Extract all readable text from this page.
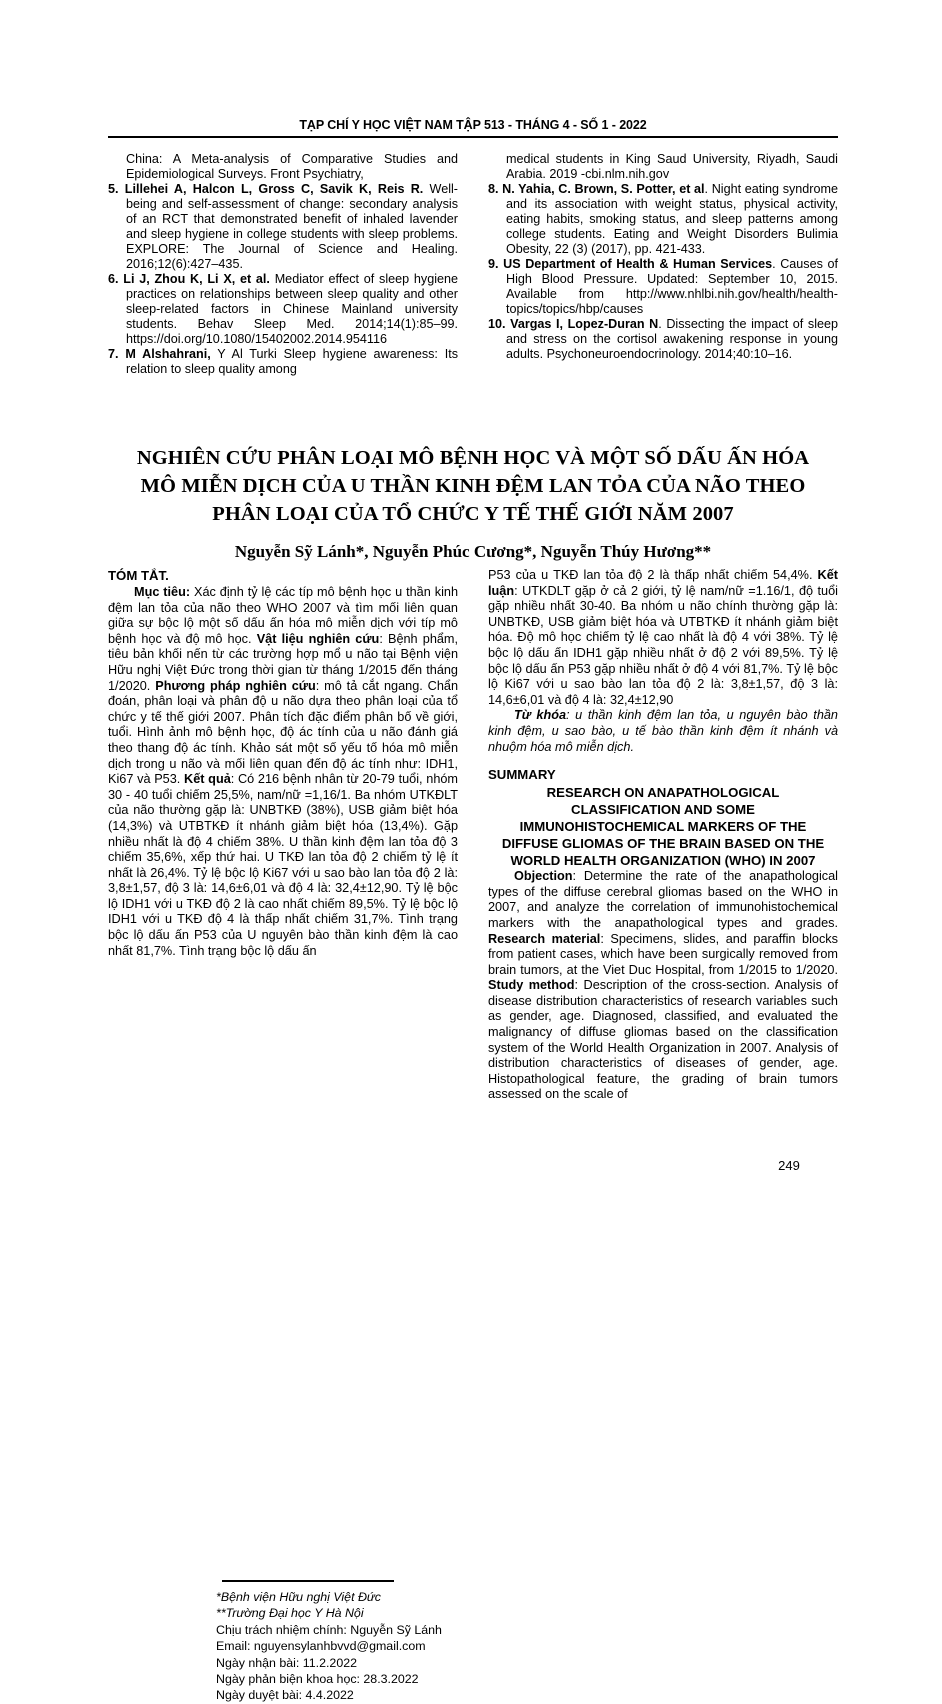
TẠP CHÍ Y HỌC VIỆT NAM TẬP 513 - THÁNG 4 - SỐ 1 - 2022

China: A Meta-analysis of Comparative Studies and Epidemiological Surveys. Front Psychiatry,

5. Lillehei A, Halcon L, Gross C, Savik K, Reis R. Well-being and self-assessment of change: secondary analysis of an RCT that demonstrated benefit of inhaled lavender and sleep hygiene in college students with sleep problems. EXPLORE: The Journal of Science and Healing. 2016;12(6):427–435.

6. Li J, Zhou K, Li X, et al. Mediator effect of sleep hygiene practices on relationships between sleep quality and other sleep-related factors in Chinese Mainland university students. Behav Sleep Med. 2014;14(1):85–99. https://doi.org/10.1080/15402002.2014.954116

7. M Alshahrani, Y Al Turki Sleep hygiene awareness: Its relation to sleep quality among

medical students in King Saud University, Riyadh, Saudi Arabia. 2019 -cbi.nlm.nih.gov

8. N. Yahia, C. Brown, S. Potter, et al. Night eating syndrome and its association with weight status, physical activity, eating habits, smoking status, and sleep patterns among college students. Eating and Weight Disorders Bulimia Obesity, 22 (3) (2017), pp. 421-433.

9. US Department of Health & Human Services. Causes of High Blood Pressure. Updated: September 10, 2015. Available from http://www.nhlbi.nih.gov/health/health-topics/topics/hbp/causes

10. Vargas I, Lopez-Duran N. Dissecting the impact of sleep and stress on the cortisol awakening response in young adults. Psychoneuroendocrinology. 2014;40:10–16.

NGHIÊN CỨU PHÂN LOẠI MÔ BỆNH HỌC VÀ MỘT SỐ DẤU ẤN HÓA
MÔ MIỄN DỊCH CỦA U THẦN KINH ĐỆM LAN TỎA CỦA NÃO THEO
PHÂN LOẠI CỦA TỔ CHỨC Y TẾ THẾ GIỚI NĂM 2007
Nguyễn Sỹ Lánh*, Nguyễn Phúc Cương*, Nguyễn Thúy Hương**
TÓM TẮT.

Mục tiêu: Xác định tỷ lệ các típ mô bệnh học u thần kinh đệm lan tỏa của não theo WHO 2007 và tìm mối liên quan giữa sự bộc lộ một số dấu ấn hóa mô miễn dịch với típ mô bệnh học và độ mô học. Vật liệu nghiên cứu: Bệnh phẩm, tiêu bản khối nến từ các trường hợp mổ u não tại Bệnh viện Hữu nghị Việt Đức trong thời gian từ tháng 1/2015 đến tháng 1/2020. Phương pháp nghiên cứu: mô tả cắt ngang. Chẩn đoán, phân loại và phân độ u não dựa theo phân loại của tổ chức y tế thế giới 2007. Phân tích đặc điểm phân bố về giới, tuổi. Hình ảnh mô bệnh học, độ ác tính của u não đánh giá theo thang độ ác tính. Khảo sát một số yếu tố hóa mô miễn dịch trong u não và mối liên quan đến độ ác tính như: IDH1, Ki67 và P53. Kết quả: Có 216 bệnh nhân từ 20-79 tuổi, nhóm 30 - 40 tuổi chiếm 25,5%, nam/nữ =1,16/1. Ba nhóm UTKĐLT của não thường gặp là: UNBTKĐ (38%), USB giảm biệt hóa (14,3%) và UTBTKĐ ít nhánh giảm biệt hóa (13,4%). Gặp nhiều nhất là độ 4 chiếm 38%. U thần kinh đệm lan tỏa độ 3 chiếm 35,6%, xếp thứ hai. U TKĐ lan tỏa độ 2 chiếm tỷ lệ ít nhất là 26,4%. Tỷ lệ bộc lộ Ki67 với u sao bào lan tỏa độ 2 là: 3,8±1,57, độ 3 là: 14,6±6,01 và độ 4 là: 32,4±12,90. Tỷ lệ bộc lộ IDH1 với u TKĐ độ 2 là cao nhất chiếm 89,5%. Tỷ lệ bộc lộ IDH1 với u TKĐ độ 4 là thấp nhất chiếm 31,7%. Tình trạng bộc lộ dấu ấn P53 của U nguyên bào thần kinh đệm là cao nhất 81,7%. Tình trạng bộc lộ dấu ấn

*Bệnh viện Hữu nghị Việt Đức

**Trường Đại học Y Hà Nội

Chịu trách nhiệm chính: Nguyễn Sỹ Lánh

Email: nguyensylanhbvvd@gmail.com

Ngày nhận bài: 11.2.2022

Ngày phản biện khoa học: 28.3.2022

Ngày duyệt bài: 4.4.2022

P53 của u TKĐ lan tỏa độ 2 là thấp nhất chiếm 54,4%. Kết luận: UTKDLT gặp ở cả 2 giới, tỷ lệ nam/nữ =1.16/1, độ tuổi gặp nhiều nhất 30-40. Ba nhóm u não chính thường gặp là: UNBTKĐ, USB giảm biệt hóa và UTBTKĐ ít nhánh giảm biệt hóa. Độ mô học chiếm tỷ lệ cao nhất là độ 4 với 38%. Tỷ lệ bộc lộ dấu ấn IDH1 gặp nhiều nhất ở độ 2 với 89,5%. Tỷ lệ bộc lộ dấu ấn P53 gặp nhiều nhất ở độ 4 với 81,7%. Tỷ lệ bộc lộ Ki67 với u sao bào lan tỏa độ 2 là: 3,8±1,57, độ 3 là: 14,6±6,01 và độ 4 là: 32,4±12,90

Từ khóa: u thần kinh đệm lan tỏa, u nguyên bào thần kinh đệm, u sao bào, u tế bào thần kinh đệm ít nhánh và nhuộm hóa mô miễn dịch.

SUMMARY
RESEARCH ON ANAPATHOLOGICAL
CLASSIFICATION AND SOME
IMMUNOHISTOCHEMICAL MARKERS OF THE
DIFFUSE GLIOMAS OF THE BRAIN BASED ON THE
WORLD HEALTH ORGANIZATION (WHO) IN 2007

Objection: Determine the rate of the anapathological types of the diffuse cerebral gliomas based on the WHO in 2007, and analyze the correlation of immunohistochemical markers with the anapathological types and grades. Research material: Specimens, slides, and paraffin blocks from patient cases, which have been surgically removed from brain tumors, at the Viet Duc Hospital, from 1/2015 to 1/2020. Study method: Description of the cross-section. Analysis of disease distribution characteristics of research variables such as gender, age. Diagnosed, classified, and evaluated the malignancy of diffuse gliomas based on the classification system of the World Health Organization in 2007. Analysis of distribution characteristics of diseases of gender, age. Histopathological feature, the grading of brain tumors assessed on the scale of

249
